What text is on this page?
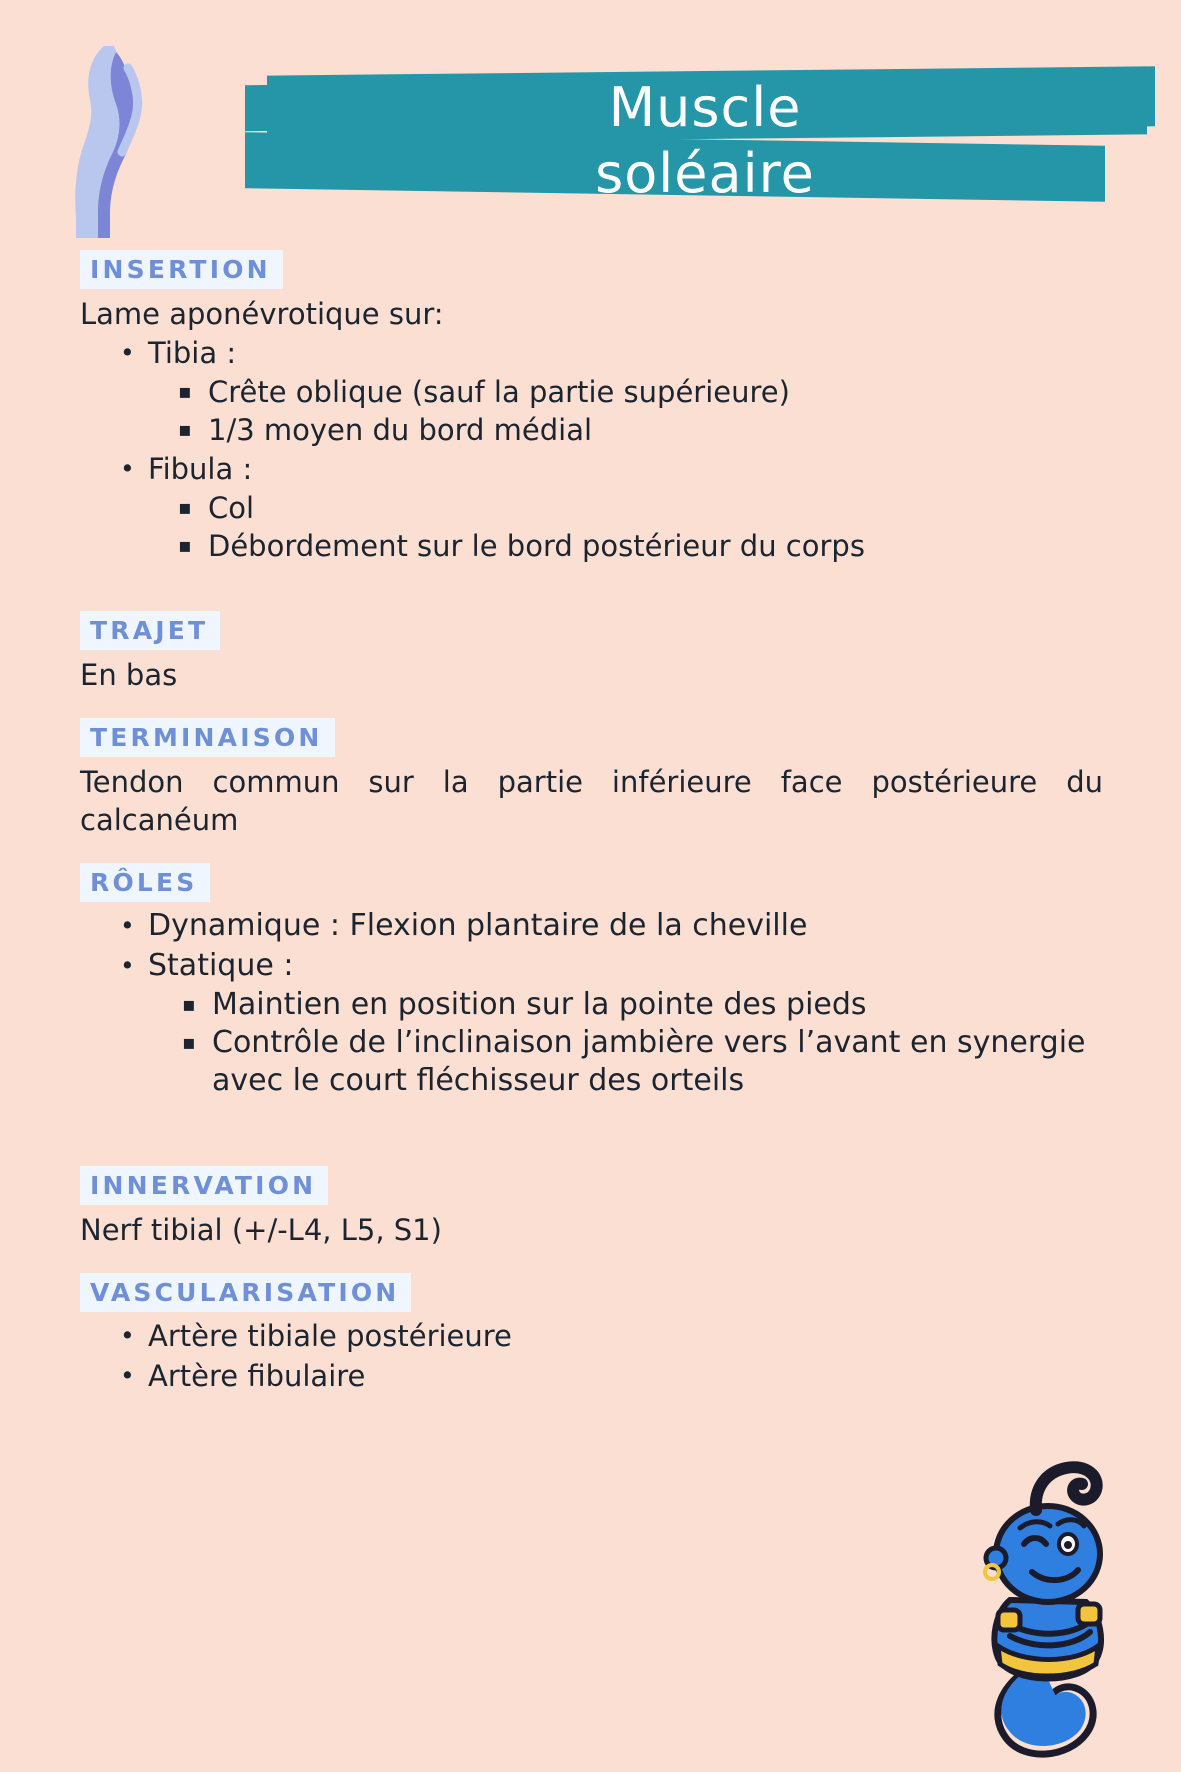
Muscle
soléaire
INSERTION

Lame aponévrotique sur:

• Tibia :
▪ Crête oblique (sauf la partie supérieure)
▪ 1/3 moyen du bord médial
• Fibula :
▪ Col
▪ Débordement sur le bord postérieur du corps
TRAJET

En bas

TERMINAISON

Tendon commun sur la partie inférieure face postérieure du calcanéum

RÔLES
• Dynamique : Flexion plantaire de la cheville
• Statique :
▪ Maintien en position sur la pointe des pieds
▪ Contrôle de l’inclinaison jambière vers l’avant en synergie avec le court fléchisseur des orteils
INNERVATION

Nerf tibial (+/-L4, L5, S1)

VASCULARISATION
• Artère tibiale postérieure
• Artère fibulaire
